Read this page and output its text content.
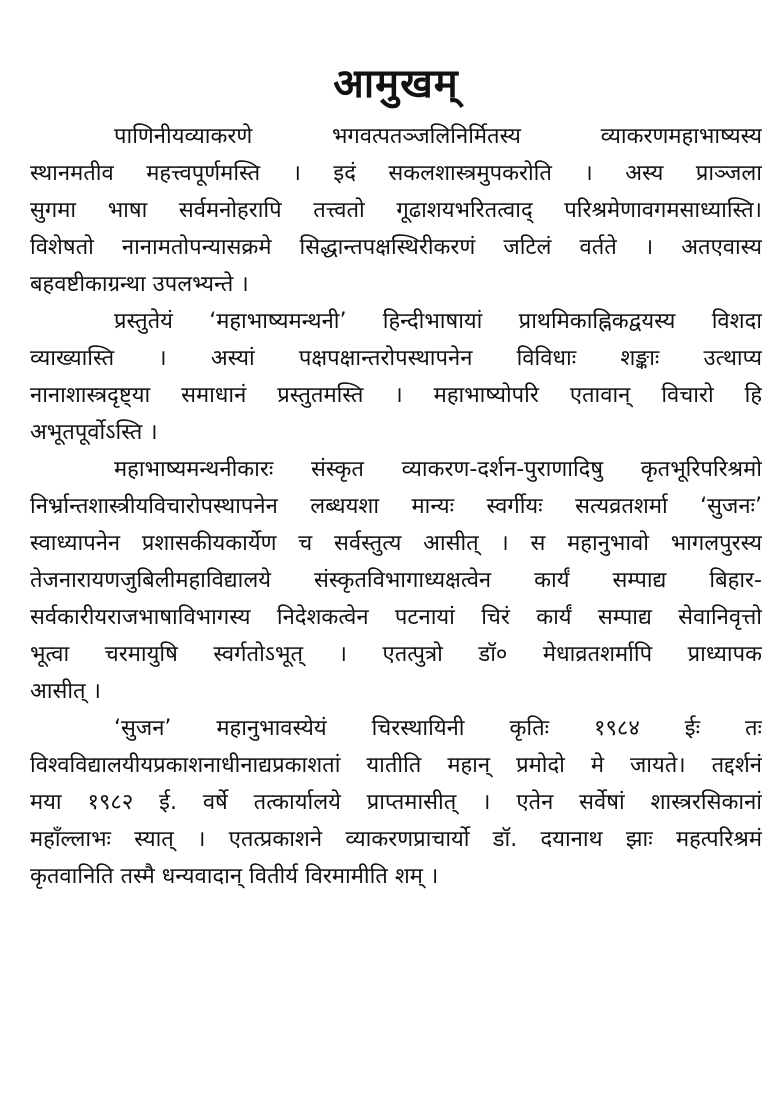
आमुखम्
पाणिनीयव्याकरणे भगवत्पतञ्जलिनिर्मितस्य व्याकरणमहाभाष्यस्य
स्थानमतीव महत्त्वपूर्णमस्ति । इदं सकलशास्त्रमुपकरोति । अस्य प्राञ्जला
सुगमा भाषा सर्वमनोहरापि तत्त्वतो गूढाशयभरितत्वाद् परिश्रमेणावगमसाध्यास्ति।
विशेषतो नानामतोपन्यासक्रमे सिद्धान्तपक्षस्थिरीकरणं जटिलं वर्तते । अतएवास्य
बहवष्टीकाग्रन्था उपलभ्यन्ते ।
प्रस्तुतेयं ‘महाभाष्यमन्थनी’ हिन्दीभाषायां प्राथमिकाह्निकद्वयस्य विशदा
व्याख्यास्ति । अस्यां पक्षपक्षान्तरोपस्थापनेन विविधाः शङ्काः उत्थाप्य
नानाशास्त्रदृष्ट्या समाधानं प्रस्तुतमस्ति । महाभाष्योपरि एतावान् विचारो हि
अभूतपूर्वोऽस्ति ।
महाभाष्यमन्थनीकारः संस्कृत व्याकरण-दर्शन-पुराणादिषु कृतभूरिपरिश्रमो
निर्भ्रान्तशास्त्रीयविचारोपस्थापनेन लब्धयशा मान्यः स्वर्गीयः सत्यव्रतशर्मा ‘सुजनः’
स्वाध्यापनेन प्रशासकीयकार्येण च सर्वस्तुत्य आसीत् । स महानुभावो भागलपुरस्य
तेजनारायणजुबिलीमहाविद्यालये संस्कृतविभागाध्यक्षत्वेन कार्यं सम्पाद्य बिहार-
सर्वकारीयराजभाषाविभागस्य निदेशकत्वेन पटनायां चिरं कार्यं सम्पाद्य सेवानिवृत्तो
भूत्वा चरमायुषि स्वर्गतोऽभूत् । एतत्पुत्रो डॉ० मेधाव्रतशर्मापि प्राध्यापक
आसीत् ।
‘सुजन’ महानुभावस्येयं चिरस्थायिनी कृतिः १९८४ ईः तः
विश्वविद्यालयीयप्रकाशनाधीनाद्यप्रकाशतां यातीति महान् प्रमोदो मे जायते। तद्दर्शनं
मया १९८२ ई. वर्षे तत्कार्यालये प्राप्तमासीत् । एतेन सर्वेषां शास्त्ररसिकानां
महाँल्लाभः स्यात् । एतत्प्रकाशने व्याकरणप्राचार्यो डॉ. दयानाथ झाः महत्परिश्रमं
कृतवानिति तस्मै धन्यवादान् वितीर्य विरमामीति शम् ।
